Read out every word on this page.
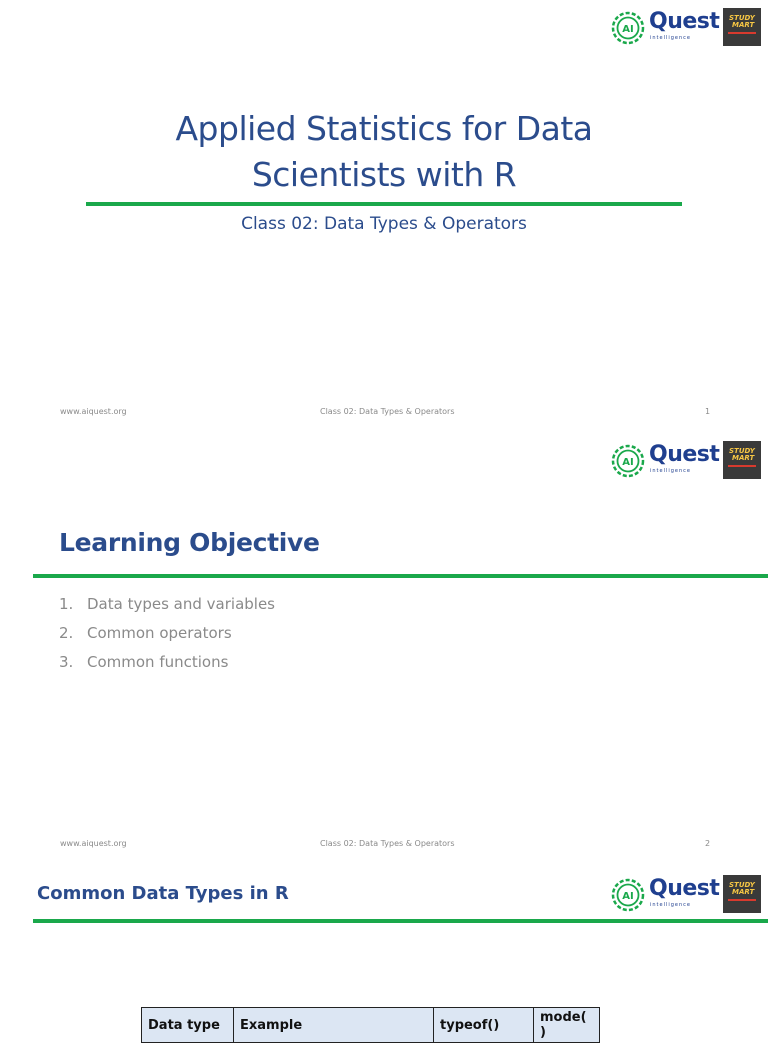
AI Quest
intelligence
STUDY
MART
Applied Statistics for Data
Scientists with R
Class 02: Data Types & Operators
www.aiquest.org	Class 02: Data Types & Operators	1
AI Quest
intelligence
STUDY
MART
Learning Objective
1. Data types and variables
2. Common operators
3. Common functions
www.aiquest.org	Class 02: Data Types & Operators	2
AI Quest
intelligence
STUDY
MART
Common Data Types in R
Data type	Example	typeof()	mode( )
